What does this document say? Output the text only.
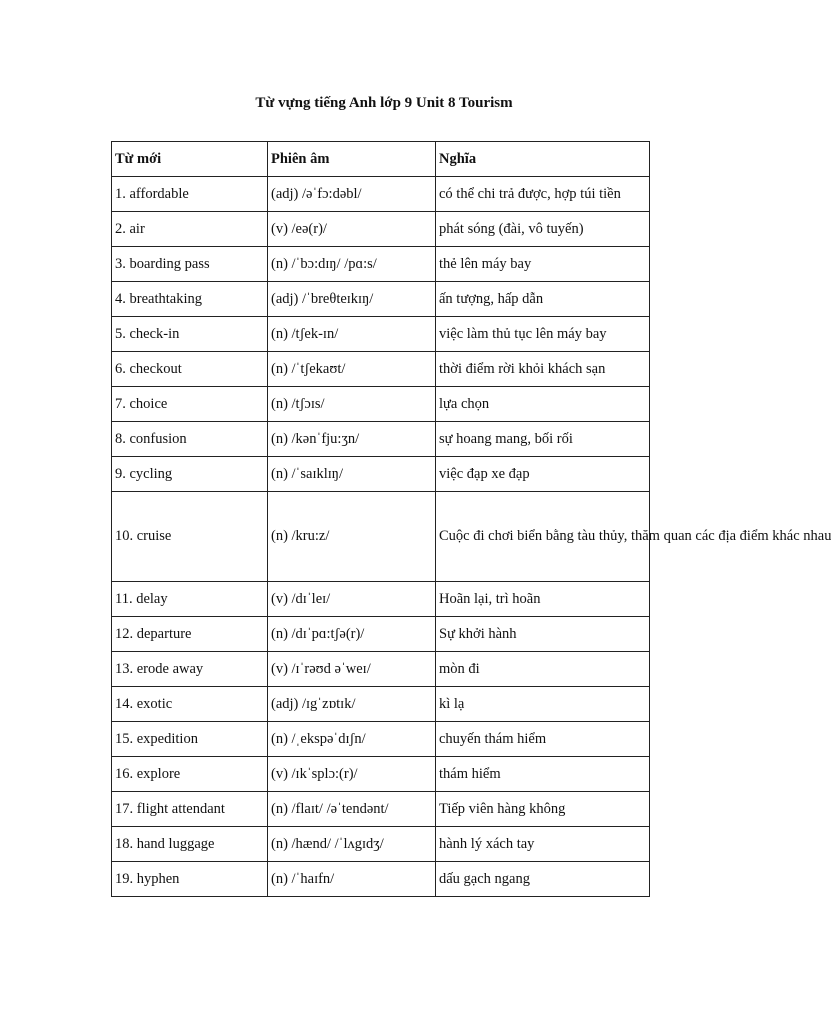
Từ vựng tiếng Anh lớp 9 Unit 8 Tourism
Từ mới	Phiên âm	Nghĩa
1. affordable	(adj) /əˈfɔ:dəbl/	có thể chi trả được, hợp túi tiền
2. air	(v) /eə(r)/	phát sóng (đài, vô tuyến)
3. boarding pass	(n) /ˈbɔ:dɪŋ/ /pɑ:s/	thẻ lên máy bay
4. breathtaking	(adj) /ˈbreθteɪkɪŋ/	ấn tượng, hấp dẫn
5. check-in	(n) /tʃek-ɪn/	việc làm thủ tục lên máy bay
6. checkout	(n) /ˈtʃekaʊt/	thời điểm rời khỏi khách sạn
7. choice	(n) /tʃɔɪs/	lựa chọn
8. confusion	(n) /kənˈfju:ʒn/	sự hoang mang, bối rối
9. cycling	(n) /ˈsaɪklɪŋ/	việc đạp xe đạp
10. cruise	(n) /kru:z/	Cuộc đi chơi biển bằng tàu thủy, thăm quan các địa điểm khác nhau
11. delay	(v) /dɪˈleɪ/	Hoãn lại, trì hoãn
12. departure	(n) /dɪˈpɑ:tʃə(r)/	Sự khởi hành
13. erode away	(v) /ɪˈrəʊd əˈweɪ/	mòn đi
14. exotic	(adj) /ɪgˈzɒtɪk/	kì lạ
15. expedition	(n) /ˌekspəˈdɪʃn/	chuyến thám hiểm
16. explore	(v) /ɪkˈsplɔ:(r)/	thám hiểm
17. flight attendant	(n) /flaɪt/ /əˈtendənt/	Tiếp viên hàng không
18. hand luggage	(n) /hænd/ /ˈlʌgɪdʒ/	hành lý xách tay
19. hyphen	(n) /ˈhaɪfn/	dấu gạch ngang
